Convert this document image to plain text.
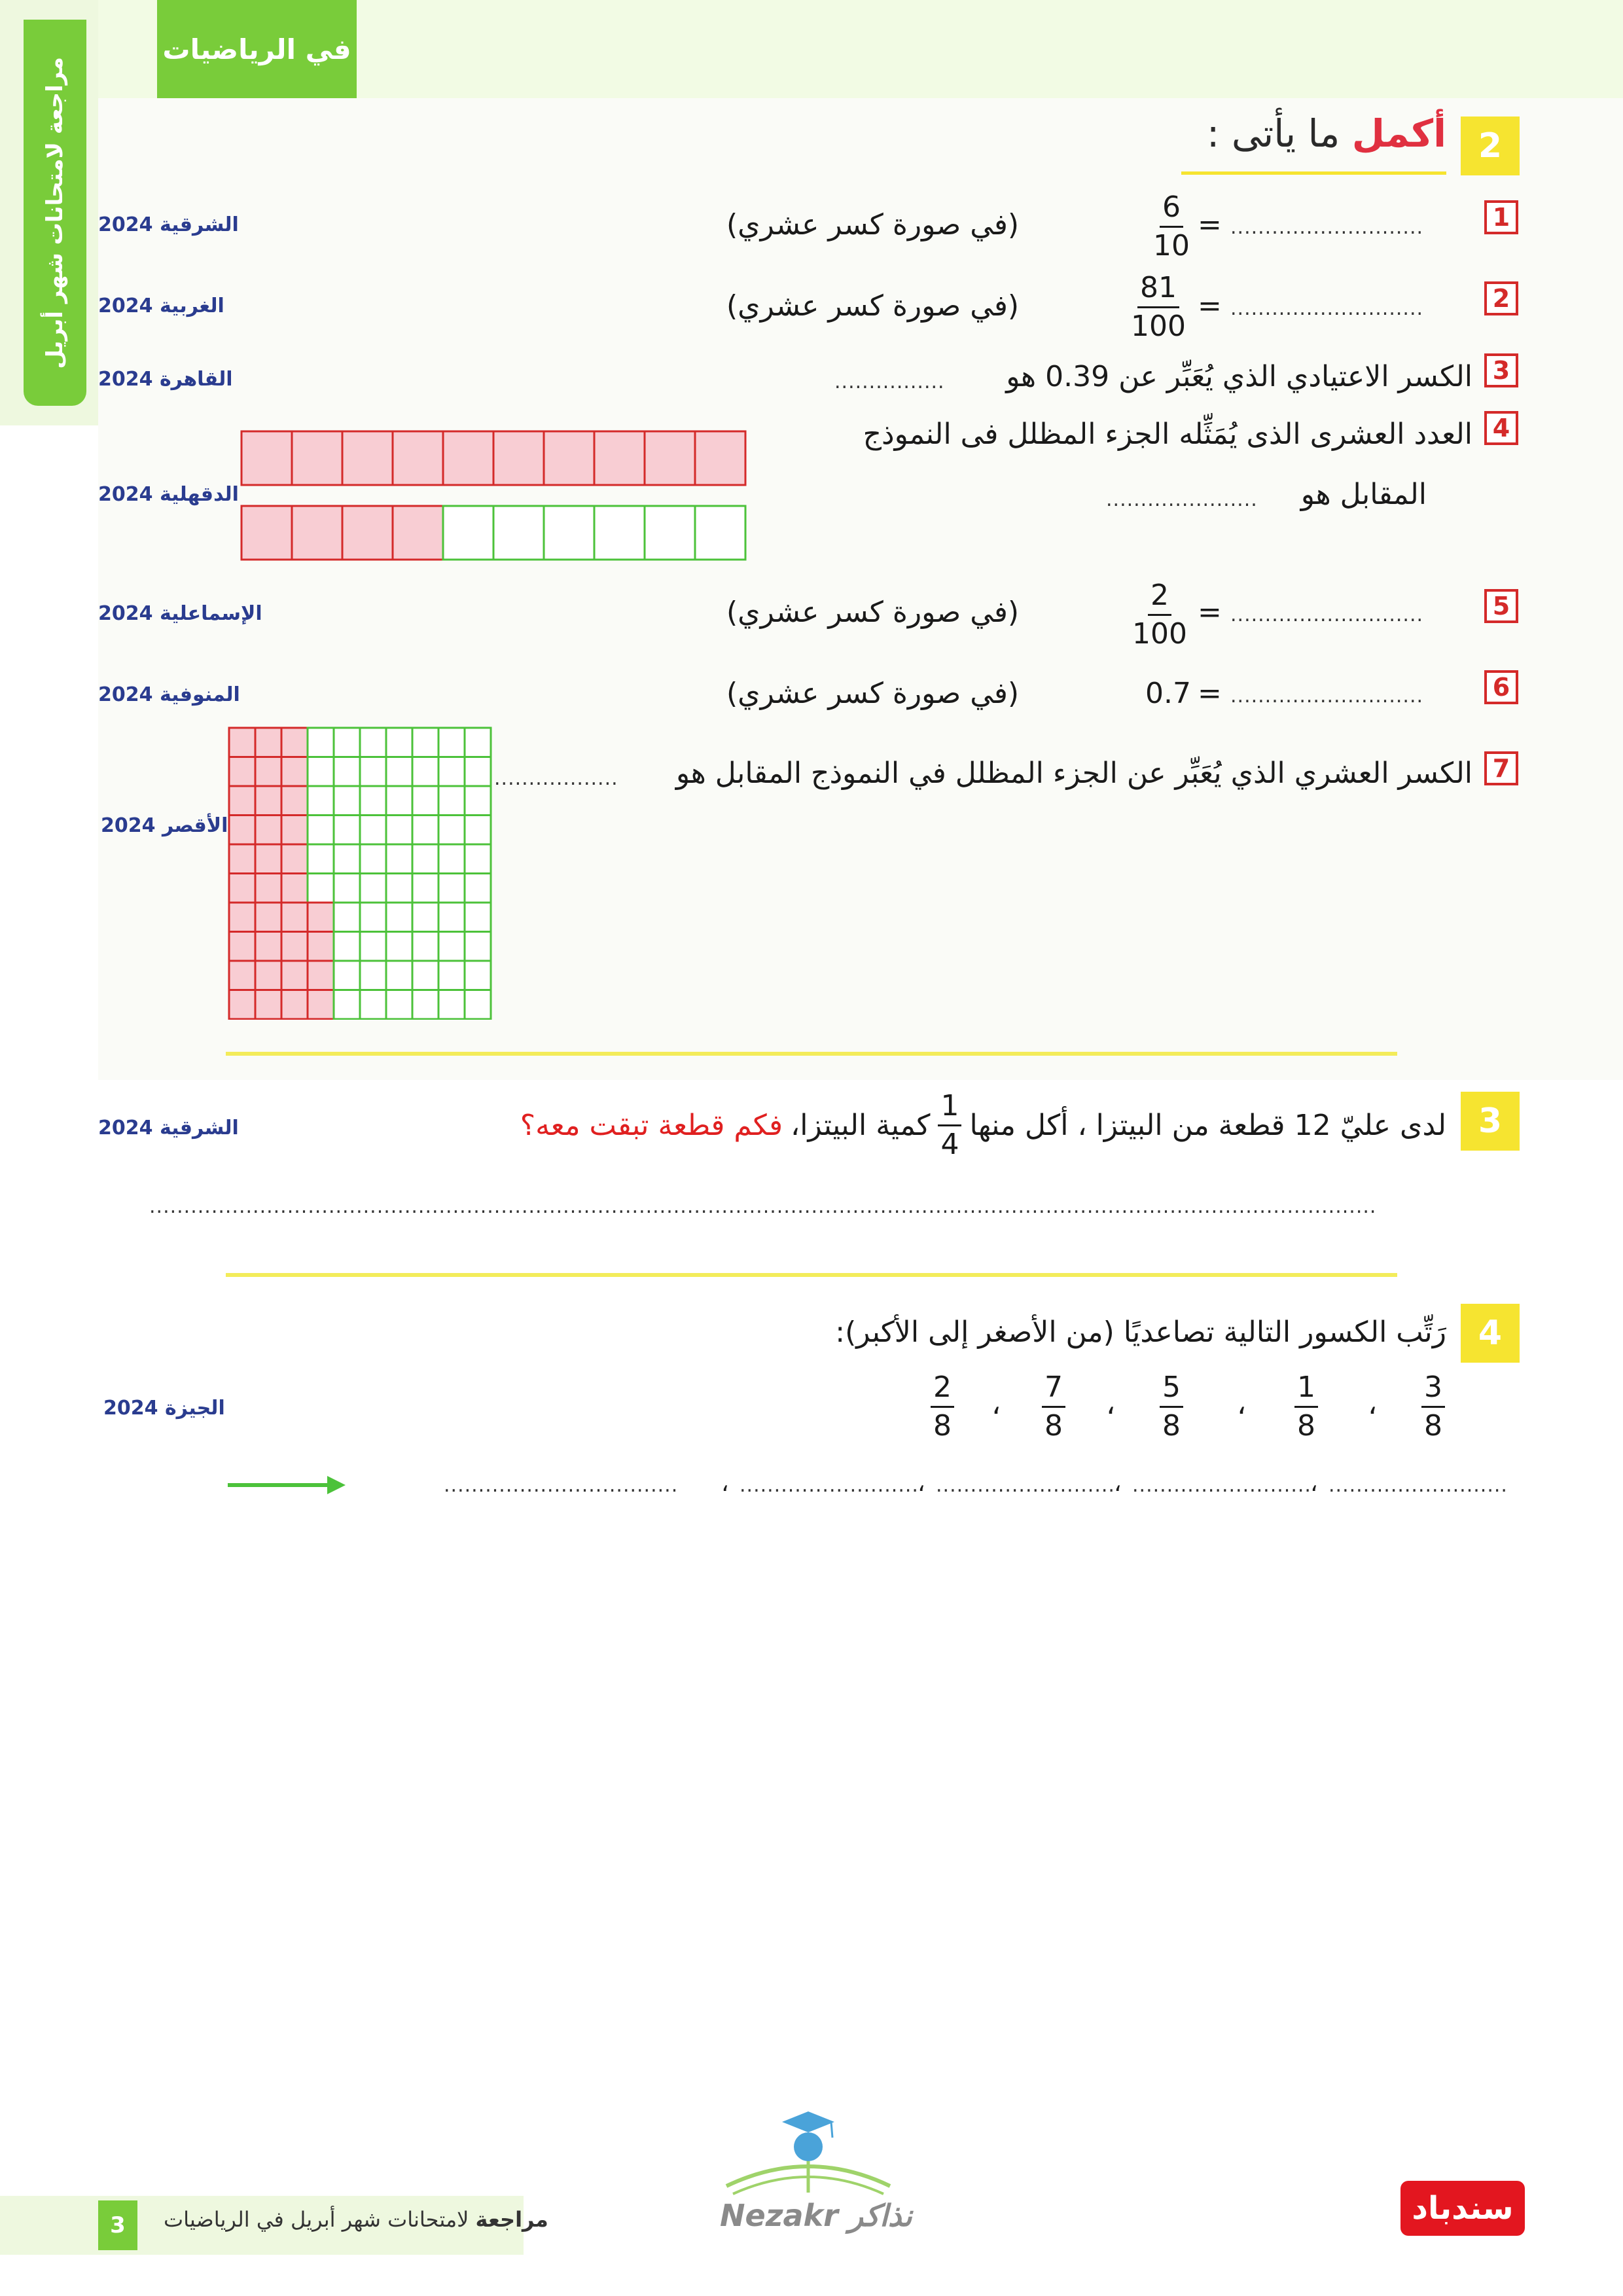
مراجعة لامتحانات شهر أبريل
في الرياضيات
2
أكمل ما يأتى :
1
............................
=
$\frac{6}{10}$
(في صورة كسر عشري)
الشرقية 2024
2
............................
=
$\frac{81}{100}$
(في صورة كسر عشري)
الغربية 2024
3
الكسر الاعتيادي الذي يُعَبِّر عن 0.39 هو
................
القاهرة 2024
4
العدد العشرى الذى يُمَثِّله الجزء المظلل فى النموذج
المقابل هو
......................
الدقهلية 2024
5
............................
=
$\frac{2}{100}$
(في صورة كسر عشري)
الإسماعلية 2024
6
............................
=
0.7
(في صورة كسر عشري)
المنوفية 2024
7
الكسر العشري الذي يُعَبِّر عن الجزء المظلل في النموذج المقابل هو
..................
الأقصر 2024
3
لدى عليّ 12 قطعة من البيتزا ، أكل منها
$\frac{1}{4}$
كمية البيتزا،
فكم قطعة تبقت معه؟
الشرقية 2024
..................................................................................................................................................................................
4
رَتِّب الكسور التالية تصاعديًا (من الأصغر إلى الأكبر):
الجيزة 2024	$\frac{3}{8}$
،
$\frac{1}{8}$
،
$\frac{5}{8}$
،
$\frac{7}{8}$
،
$\frac{2}{8}$
..........................
،
..........................
،
..........................
،
..........................
،
..................................
3	مراجعة لامتحانات شهر أبريل في الرياضيات	Nezakr نذاكر	سندباد
